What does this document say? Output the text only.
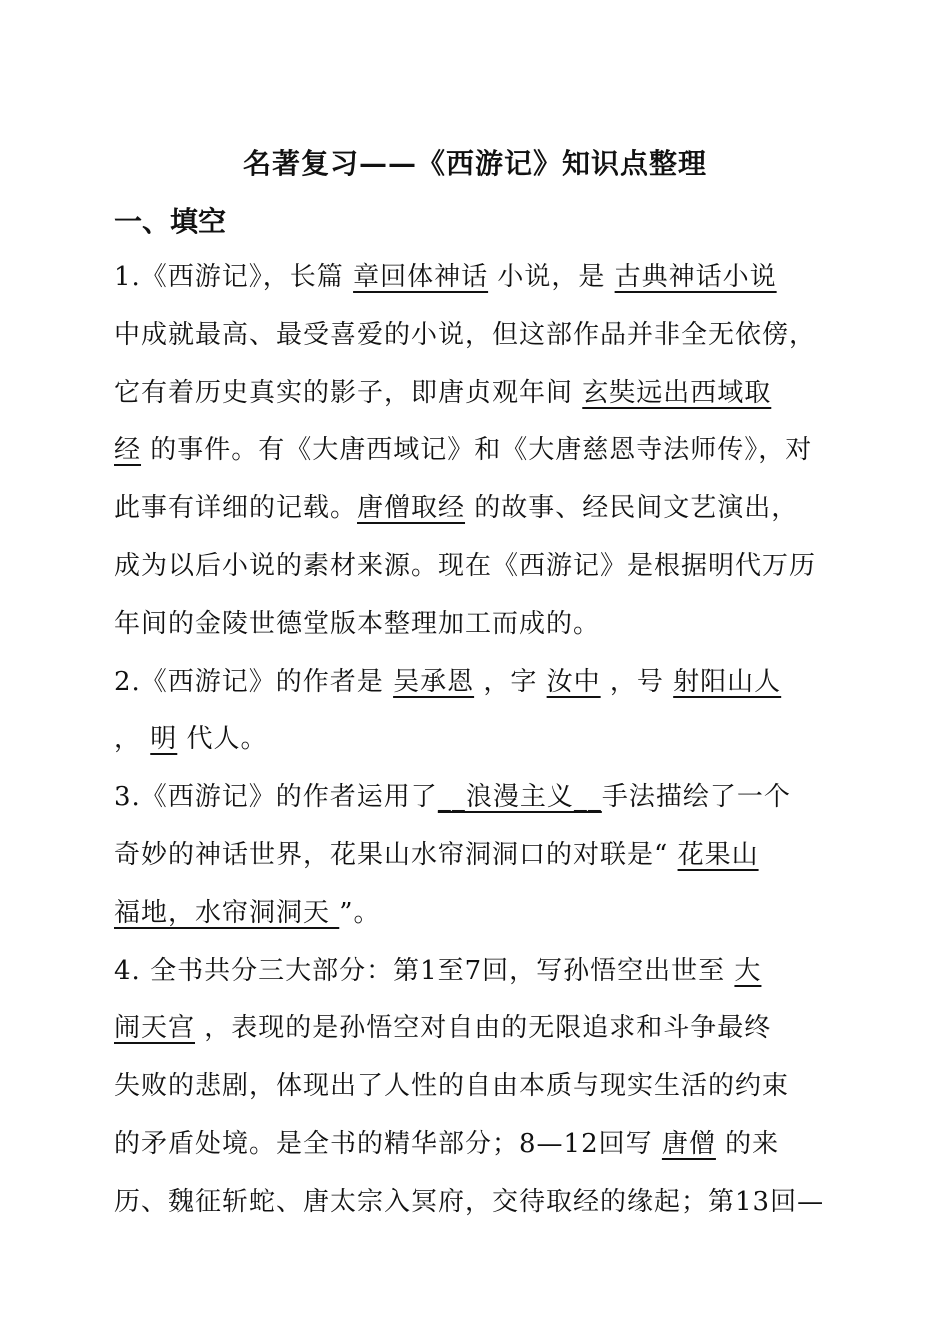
名著复习——《西游记》知识点整理
一、填空
1.《西游记》，长篇 章回体神话 小说，是 古典神话小说
中成就最高、最受喜爱的小说，但这部作品并非全无依傍，
它有着历史真实的影子，即唐贞观年间 玄奘远出西域取
经 的事件。有《大唐西域记》和《大唐慈恩寺法师传》，对
此事有详细的记载。唐僧取经 的故事、经民间文艺演出，
成为以后小说的素材来源。现在《西游记》是根据明代万历
年间的金陵世德堂版本整理加工而成的。
2.《西游记》的作者是 吴承恩 ，字 汝中 ，号 射阳山人
， 明 代人。
3.《西游记》的作者运用了__浪漫主义__手法描绘了一个
奇妙的神话世界，花果山水帘洞洞口的对联是“ 花果山
福地，水帘洞洞天 ”。
4. 全书共分三大部分：第1至7回，写孙悟空出世至 大
闹天宫 ，表现的是孙悟空对自由的无限追求和斗争最终
失败的悲剧，体现出了人性的自由本质与现实生活的约束
的矛盾处境。是全书的精华部分；8—12回写 唐僧 的来
历、魏征斩蛇、唐太宗入冥府，交待取经的缘起；第13回—
